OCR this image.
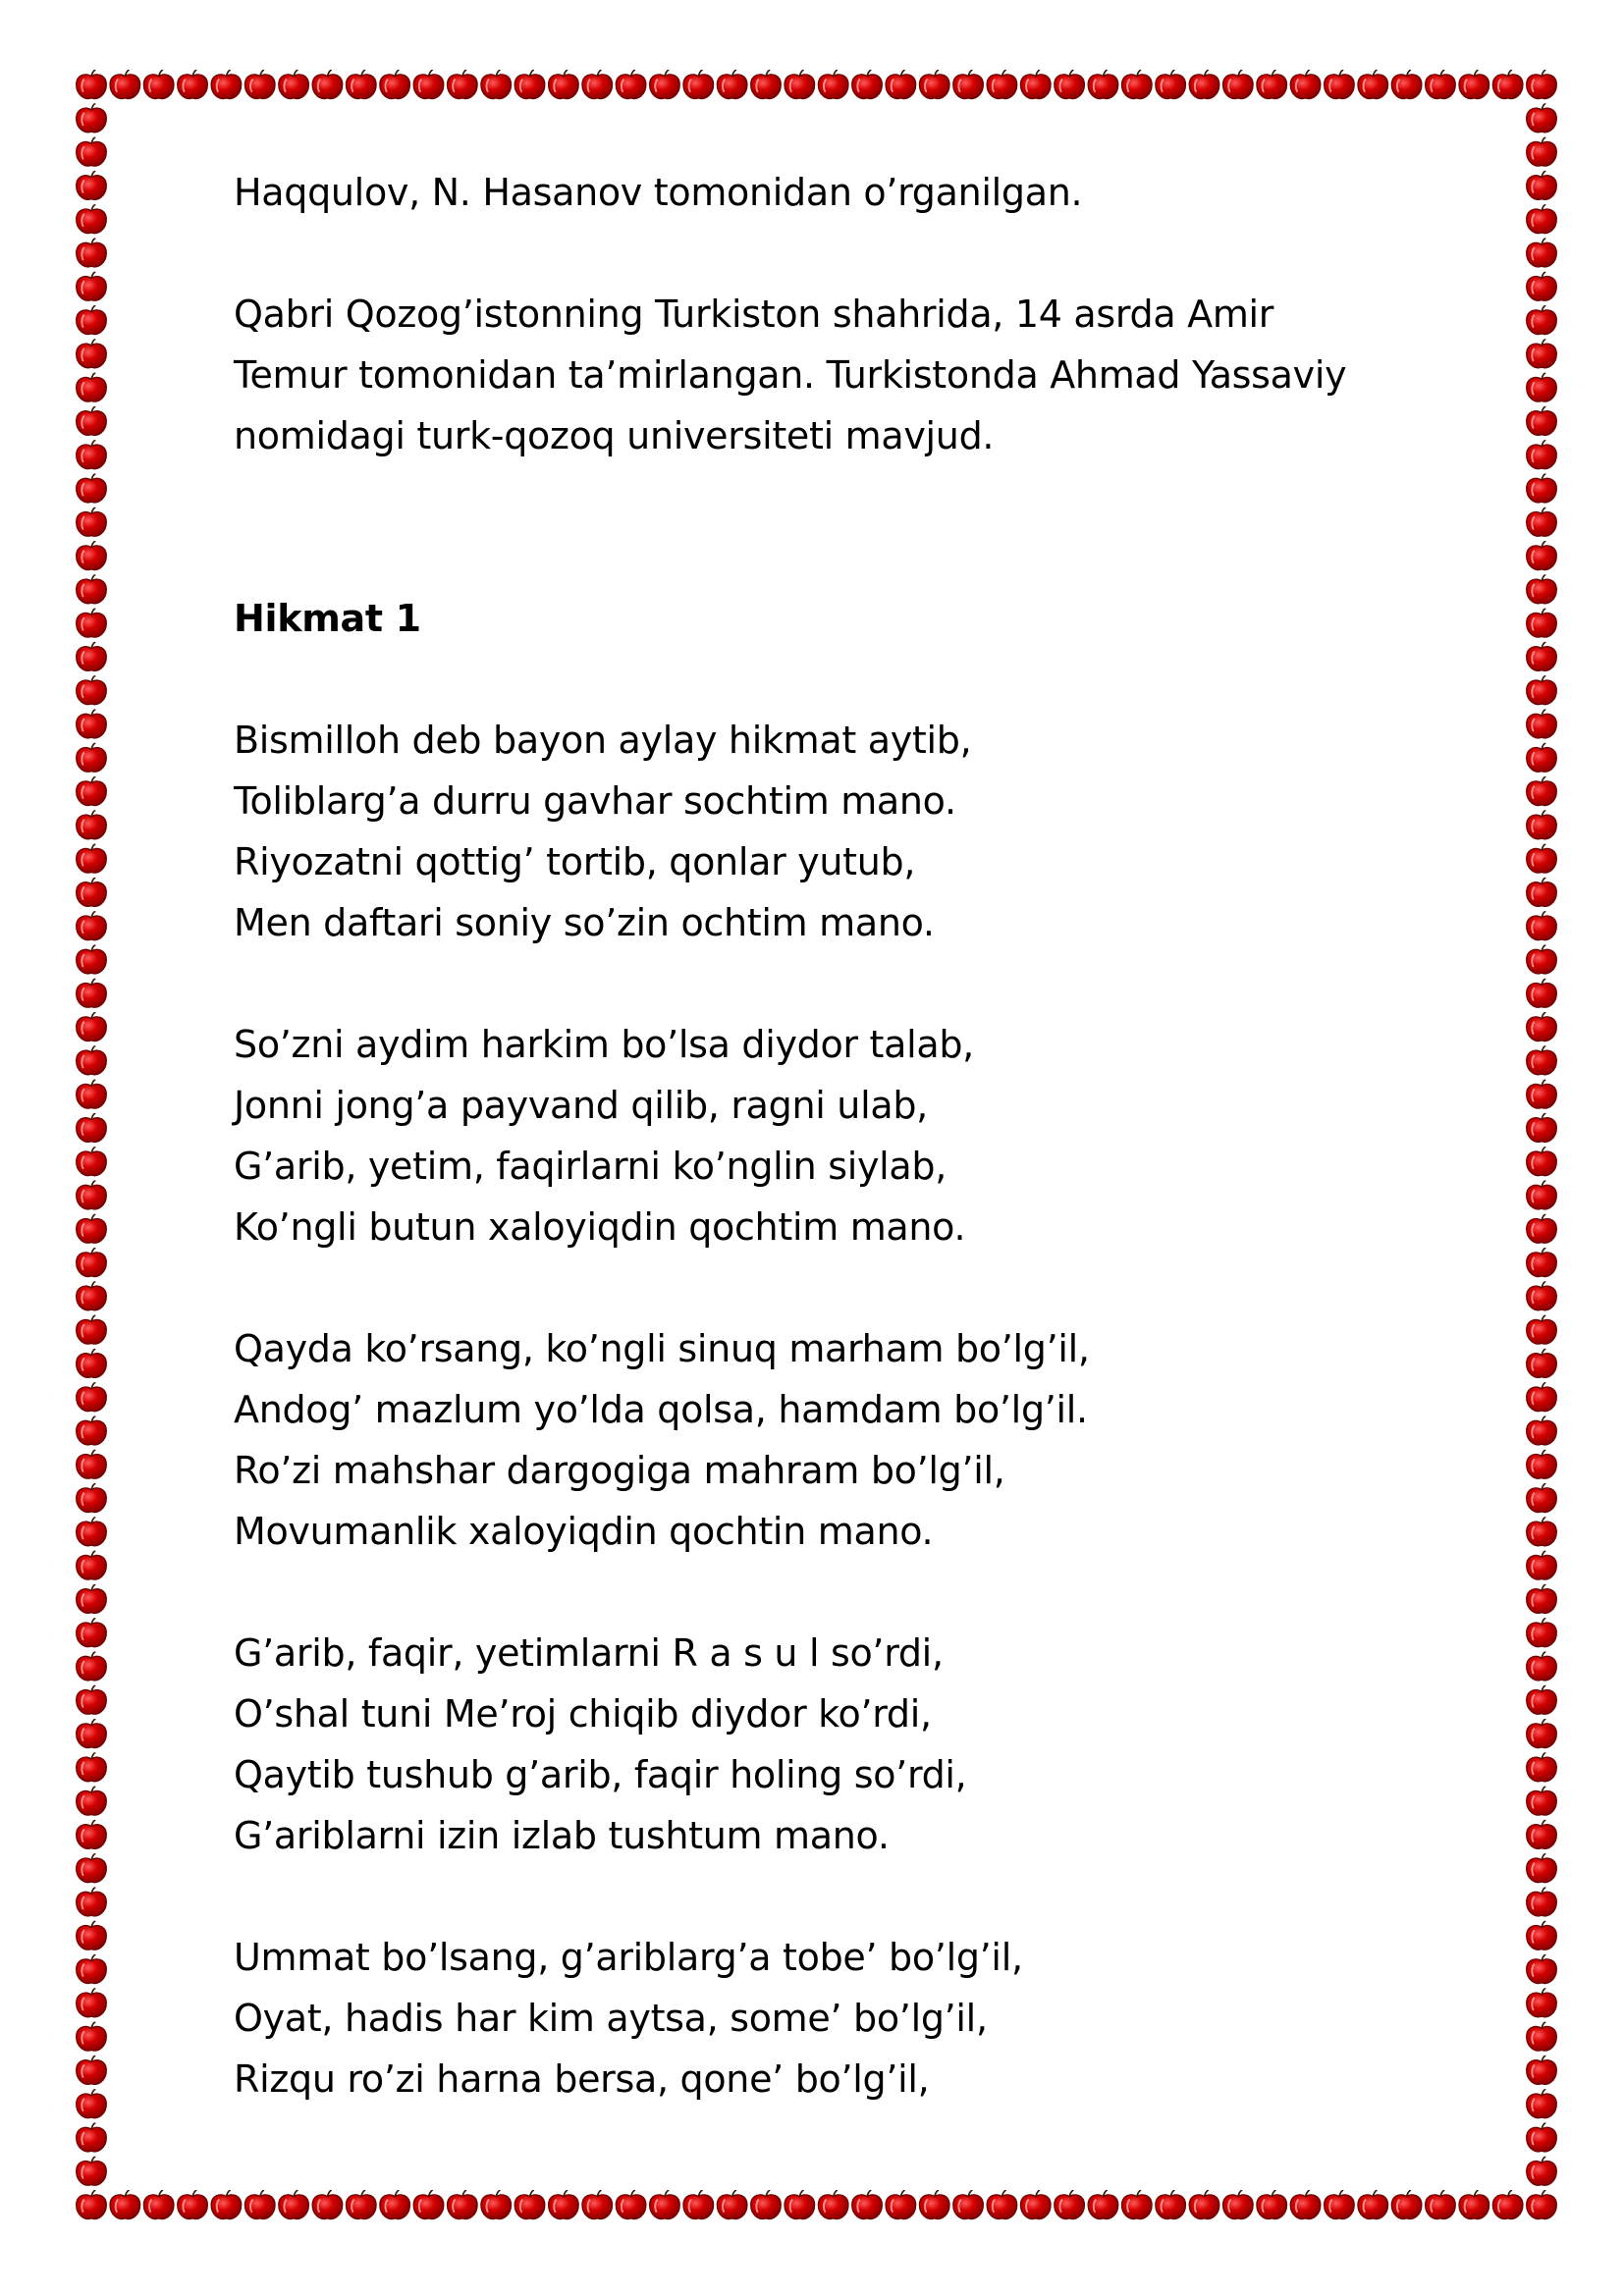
Haqqulov, N. Hasanov tomonidan o’rganilgan.

Qabri Qozog’istonning Turkiston shahrida, 14 asrda Amir
Temur tomonidan ta’mirlangan. Turkistonda Ahmad Yassaviy
nomidagi turk-qozoq universiteti mavjud.

Hikmat 1

Bismilloh deb bayon aylay hikmat aytib,
Toliblarg’a durru gavhar sochtim mano.
Riyozatni qottig’ tortib, qonlar yutub,
Men daftari soniy so’zin ochtim mano.
So’zni aydim harkim bo’lsa diydor talab,
Jonni jong’a payvand qilib, ragni ulab,
G’arib, yetim, faqirlarni ko’nglin siylab,
Ko’ngli butun xaloyiqdin qochtim mano.
Qayda ko’rsang, ko’ngli sinuq marham bo’lg’il,
Andog’ mazlum yo’lda qolsa, hamdam bo’lg’il.
Ro’zi mahshar dargogiga mahram bo’lg’il,
Movumanlik xaloyiqdin qochtin mano.
G’arib, faqir, yetimlarni R a s u l so’rdi,
O’shal tuni Me’roj chiqib diydor ko’rdi,
Qaytib tushub g’arib, faqir holing so’rdi,
G’ariblarni izin izlab tushtum mano.
Ummat bo’lsang, g’ariblarg’a tobe’ bo’lg’il,
Oyat, hadis har kim aytsa, some’ bo’lg’il,
Rizqu ro’zi harna bersa, qone’ bo’lg’il,
